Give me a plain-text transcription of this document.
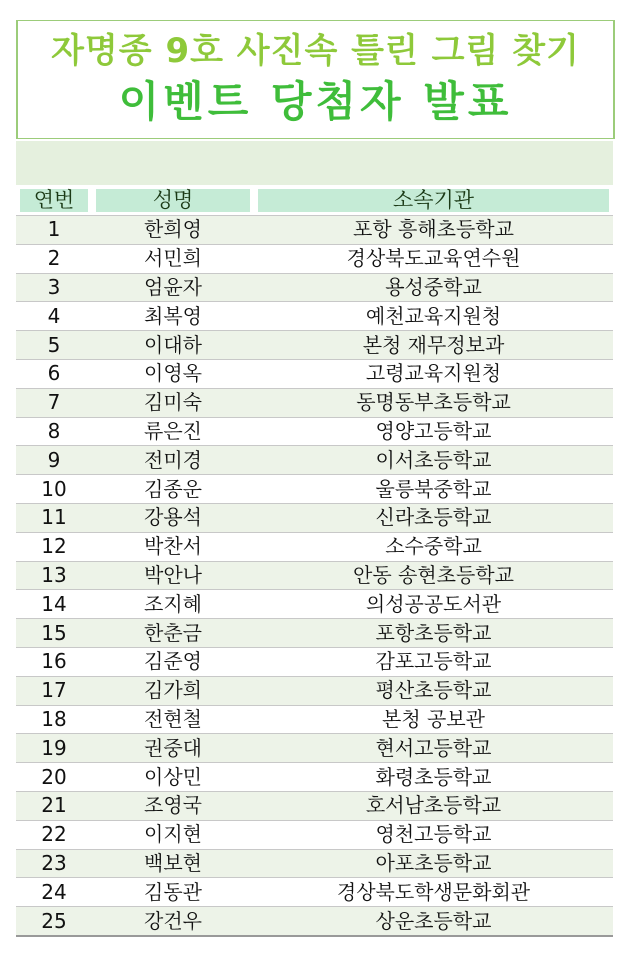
자명종 9호 사진속 틀린 그림 찾기
이벤트 당첨자 발표
연번	성명	소속기관

1	한희영	포항 흥해초등학교
2	서민희	경상북도교육연수원
3	엄윤자	용성중학교
4	최복영	예천교육지원청
5	이대하	본청 재무정보과
6	이영옥	고령교육지원청
7	김미숙	동명동부초등학교
8	류은진	영양고등학교
9	전미경	이서초등학교
10	김종운	울릉북중학교
11	강용석	신라초등학교
12	박찬서	소수중학교
13	박안나	안동 송현초등학교
14	조지혜	의성공공도서관
15	한춘금	포항초등학교
16	김준영	감포고등학교
17	김가희	평산초등학교
18	전현철	본청 공보관
19	권중대	현서고등학교
20	이상민	화령초등학교
21	조영국	호서남초등학교
22	이지현	영천고등학교
23	백보현	아포초등학교
24	김동관	경상북도학생문화회관
25	강건우	상운초등학교
